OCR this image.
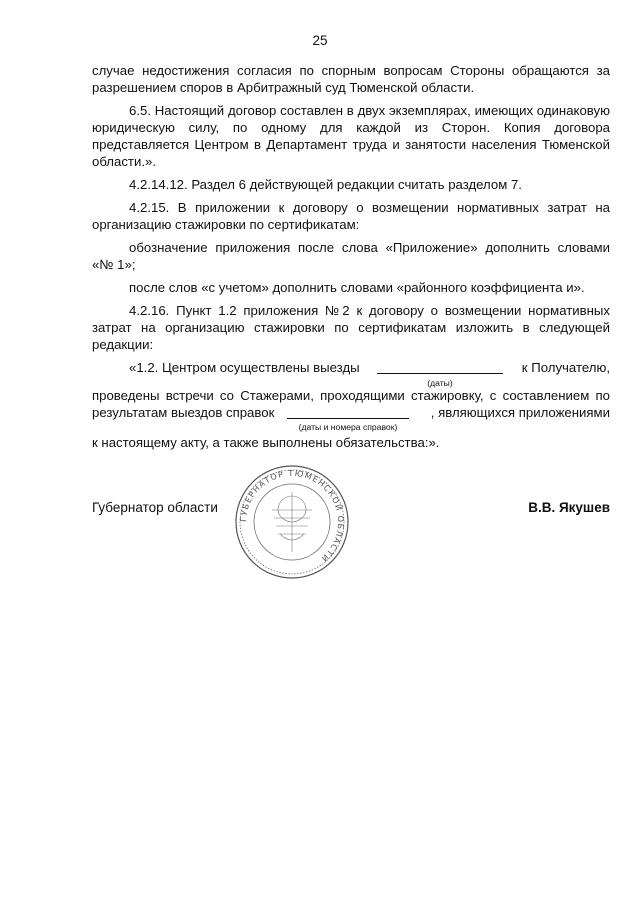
25

случае недостижения согласия по спорным вопросам Стороны обращаются за
разрешением споров в Арбитражный суд Тюменской области.

6.5. Настоящий договор составлен в двух экземплярах, имеющих одинаковую юридическую силу, по одному для каждой из Сторон. Копия договора представляется Центром в Департамент труда и занятости населения Тюменской области.».

4.2.14.12. Раздел 6 действующей редакции считать разделом 7.

4.2.15. В приложении к договору о возмещении нормативных затрат на организацию стажировки по сертификатам:

обозначение приложения после слова «Приложение» дополнить словами «№ 1»;

после слов «с учетом» дополнить словами «районного коэффициента и».

4.2.16. Пункт 1.2 приложения №2 к договору о возмещении нормативных затрат на организацию стажировки по сертификатам изложить в следующей редакции:

«1.2. Центром осуществлены выезды	к Получателю,
(даты)

проведены встречи со Стажерами, проходящими стажировку, с составлением по

результатам выездов справок	, являющихся приложениями
(даты и номера справок)

к настоящему акту, а также выполнены обязательства:».

ГУБЕРНАТОР ТЮМЕНСКОЙ ОБЛАСТИ
Губернатор области	В.В. Якушев
